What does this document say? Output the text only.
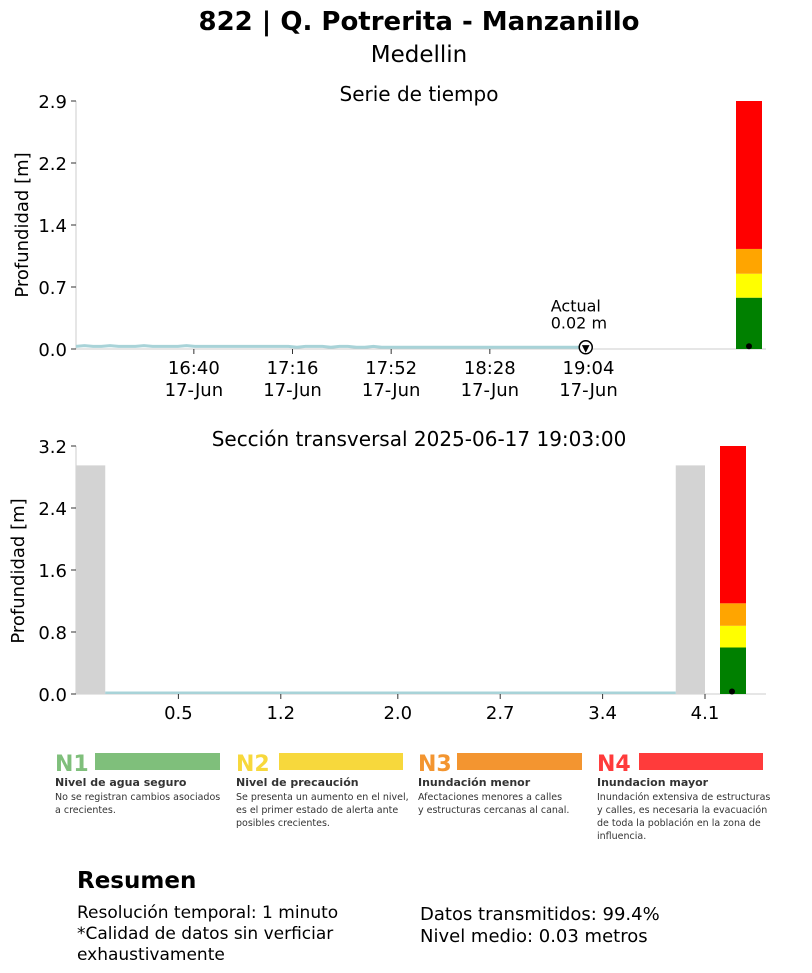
822 | Q. Potrerita - Manzanillo
Medellin
Serie de tiempo
Profundidad [m]
0.0
0.7
1.4
2.2
2.9
16:40
17-Jun
17:16
17-Jun
17:52
17-Jun
18:28
17-Jun
19:04
17-Jun
▼
Actual
0.02 m
Sección transversal 2025-06-17 19:03:00
Profundidad [m]
0.0
0.8
1.6
2.4
3.2
0.5	1.2	2.0	2.7	3.4	4.1
N1
Nivel de agua seguro
No se registran cambios asociados
a crecientes.
N2
Nivel de precaución
Se presenta un aumento en el nivel,
es el primer estado de alerta ante
posibles crecientes.
N3
Inundación menor
Afectaciones menores a calles
y estructuras cercanas al canal.
N4
Inundacion mayor
Inundación extensiva de estructuras
y calles, es necesaria la evacuación
de toda la población en la zona de
influencia.
Resumen
Resolución temporal: 1 minuto
*Calidad de datos sin verficiar
exhaustivamente
Datos transmitidos: 99.4%
Nivel medio: 0.03 metros
